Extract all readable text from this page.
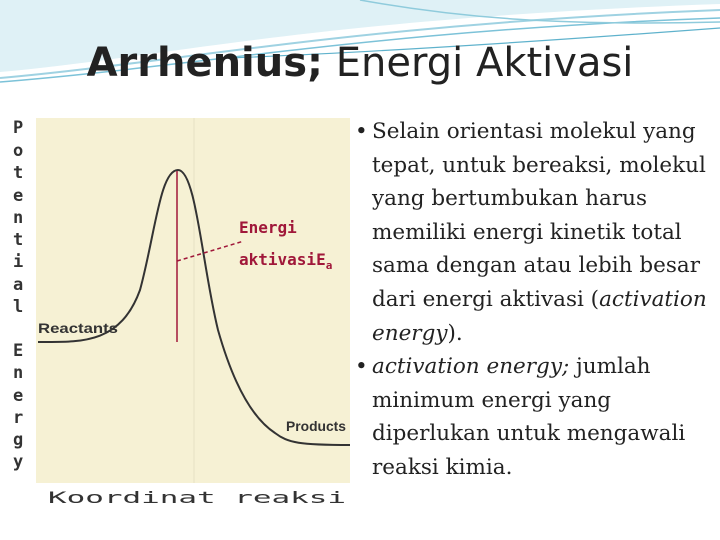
Arrhenius; Energi Aktivasi
P o t e n t i a l E n e r g y
Energi
aktivasiE$_a$
Reactants
Products
Koordinat reaksi
• Selain orientasi molekul yang tepat, untuk bereaksi, molekul yang bertumbukan harus memiliki energi kinetik total sama dengan atau lebih besar dari energi aktivasi (activation energy).
• activation energy; jumlah minimum energi yang diperlukan untuk mengawali reaksi kimia.
